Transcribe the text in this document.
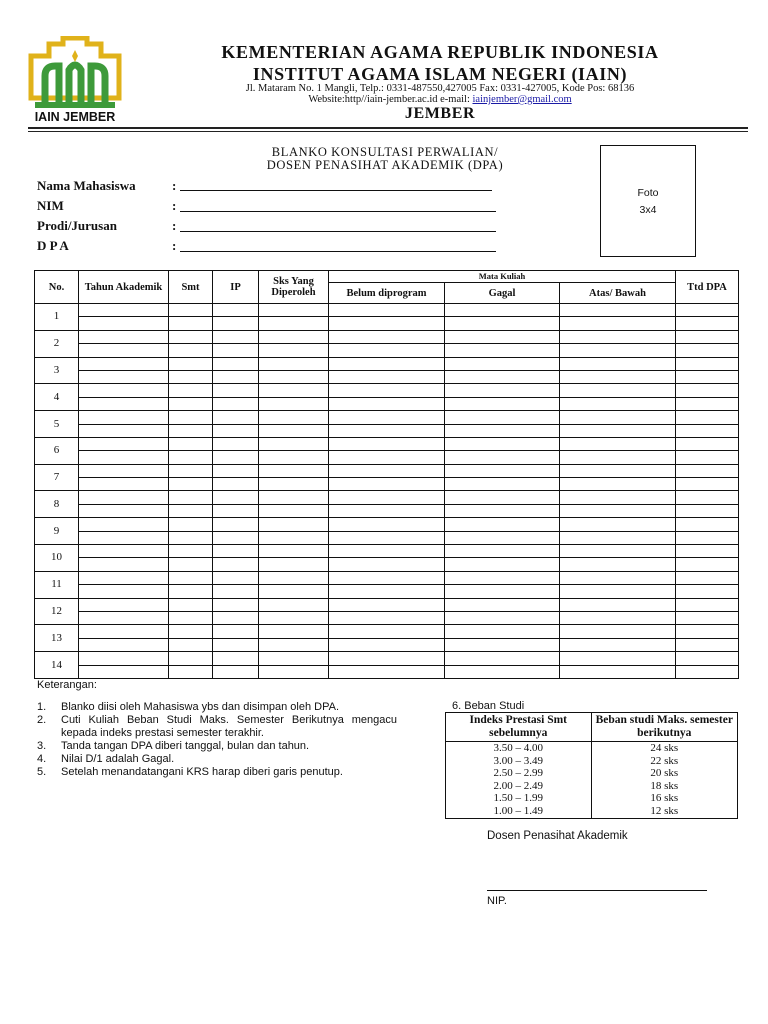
IAIN JEMBER
KEMENTERIAN AGAMA REPUBLIK INDONESIA
INSTITUT AGAMA ISLAM NEGERI (IAIN)
Jl. Mataram No. 1 Mangli, Telp.: 0331-487550,427005 Fax: 0331-427005, Kode Pos: 68136
Website:http//iain-jember.ac.id e-mail: iainjember@gmail.com
JEMBER
BLANKO KONSULTASI PERWALIAN/
DOSEN PENASIHAT AKADEMIK (DPA)
Foto
3x4
Nama Mahasiswa	:
NIM	:
Prodi/Jurusan	:
D P A	:
No.	Tahun Akademik	Smt	IP	Sks Yang Diperoleh	Mata Kuliah			Ttd DPA
					Belum diprogram	Gagal	Atas/ Bawah	
1								

2								

3								

4								

5								

6								

7								

8								

9								

10								

11								

12								

13								

14								

Keterangan:
1. Blanko diisi oleh Mahasiswa ybs dan disimpan oleh DPA.
2. Cuti Kuliah Beban Studi Maks. Semester Berikutnya mengacu kepada indeks prestasi semester terakhir.
3. Tanda tangan DPA diberi tanggal, bulan dan tahun.
4. Nilai D/1 adalah Gagal.
5. Setelah menandatangani KRS harap diberi garis penutup.
6. Beban Studi
Indeks Prestasi Smt sebelumnya	Beban studi Maks. semester berikutnya
3.50 – 4.00	24 sks
3.00 – 3.49	22 sks
2.50 – 2.99	20 sks
2.00 – 2.49	18 sks
1.50 – 1.99	16 sks
1.00 – 1.49	12 sks
Dosen Penasihat Akademik
NIP.
